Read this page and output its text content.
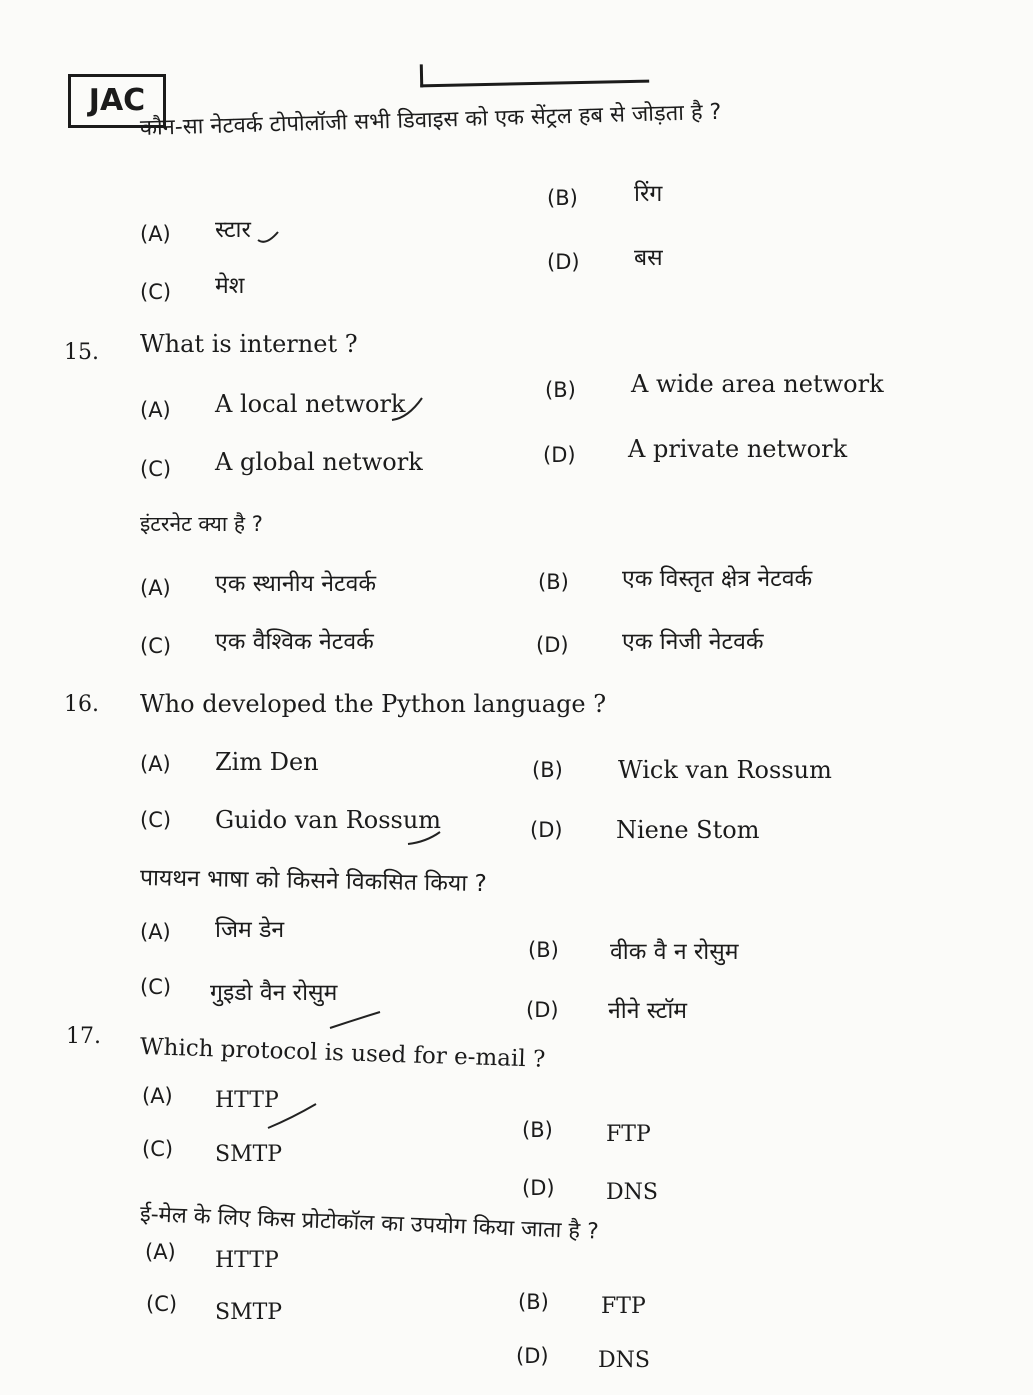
JAC
कौन-सा नेटवर्क टोपोलॉजी सभी डिवाइस को एक सेंट्रल हब से जोड़ता है ?
(A) स्टार
(B) रिंग
(C) मेश
(D) बस
15. What is internet ?
(A) A local network	(B) A wide area network
(C) A global network	(D) A private network
इंटरनेट क्या है ?
(A) एक स्थानीय नेटवर्क	(B) एक विस्तृत क्षेत्र नेटवर्क
(C) एक वैश्विक नेटवर्क	(D) एक निजी नेटवर्क
16. Who developed the Python language ?
(A) Zim Den	(B) Wick van Rossum
(C) Guido van Rossum	(D) Niene Stom
पायथन भाषा को किसने विकसित किया ?
(A) जिम डेन
(B) वीक वै न रोसुम
(C) गुइडो वैन रोसुम
(D) नीने स्टॉम
17. Which protocol is used for e-mail ?
(A) HTTP
(B) FTP
(C) SMTP
(D) DNS
ई-मेल के लिए किस प्रोटोकॉल का उपयोग किया जाता है ?
(A) HTTP
(B) FTP
(C) SMTP
(D) DNS
